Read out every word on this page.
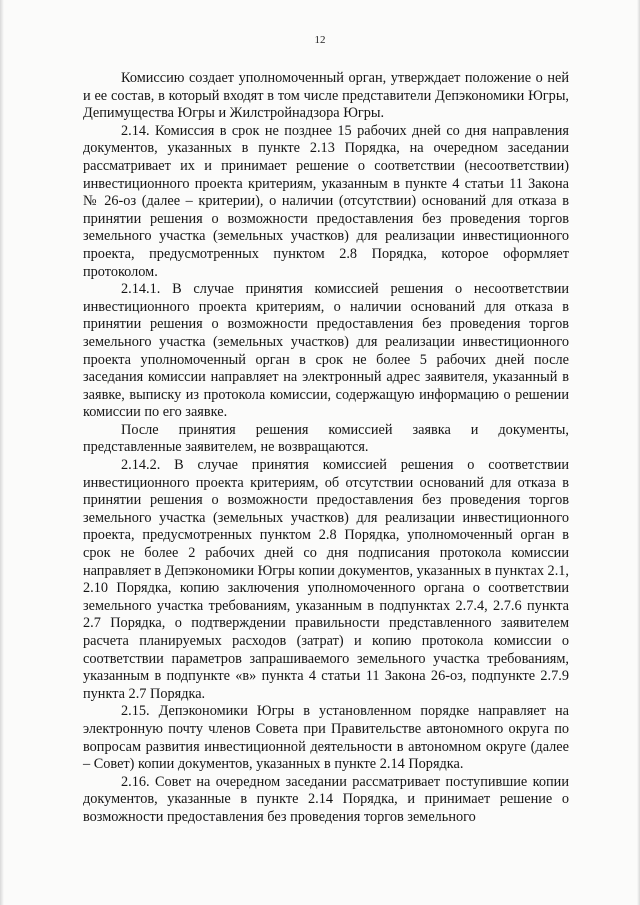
12

Комиссию создает уполномоченный орган, утверждает положение о ней и ее состав, в который входят в том числе представители Депэкономики Югры, Депимущества Югры и Жилстройнадзора Югры.

2.14. Комиссия в срок не позднее 15 рабочих дней со дня направления документов, указанных в пункте 2.13 Порядка, на очередном заседании рассматривает их и принимает решение о соответствии (несоответствии) инвестиционного проекта критериям, указанным в пункте 4 статьи 11 Закона № 26-оз (далее – критерии), о наличии (отсутствии) оснований для отказа в принятии решения о возможности предоставления без проведения торгов земельного участка (земельных участков) для реализации инвестиционного проекта, предусмотренных пунктом 2.8 Порядка, которое оформляет протоколом.

2.14.1. В случае принятия комиссией решения о несоответствии инвестиционного проекта критериям, о наличии оснований для отказа в принятии решения о возможности предоставления без проведения торгов земельного участка (земельных участков) для реализации инвестиционного проекта уполномоченный орган в срок не более 5 рабочих дней после заседания комиссии направляет на электронный адрес заявителя, указанный в заявке, выписку из протокола комиссии, содержащую информацию о решении комиссии по его заявке.

После принятия решения комиссией заявка и документы, представленные заявителем, не возвращаются.

2.14.2. В случае принятия комиссией решения о соответствии инвестиционного проекта критериям, об отсутствии оснований для отказа в принятии решения о возможности предоставления без проведения торгов земельного участка (земельных участков) для реализации инвестиционного проекта, предусмотренных пунктом 2.8 Порядка, уполномоченный орган в срок не более 2 рабочих дней со дня подписания протокола комиссии направляет в Депэкономики Югры копии документов, указанных в пунктах 2.1, 2.10 Порядка, копию заключения уполномоченного органа о соответствии земельного участка требованиям, указанным в подпунктах 2.7.4, 2.7.6 пункта 2.7 Порядка, о подтверждении правильности представленного заявителем расчета планируемых расходов (затрат) и копию протокола комиссии о соответствии параметров запрашиваемого земельного участка требованиям, указанным в подпункте «в» пункта 4 статьи 11 Закона 26-оз, подпункте 2.7.9 пункта 2.7 Порядка.

2.15. Депэкономики Югры в установленном порядке направляет на электронную почту членов Совета при Правительстве автономного округа по вопросам развития инвестиционной деятельности в автономном округе (далее – Совет) копии документов, указанных в пункте 2.14 Порядка.

2.16. Совет на очередном заседании рассматривает поступившие копии документов, указанные в пункте 2.14 Порядка, и принимает решение о возможности предоставления без проведения торгов земельного
